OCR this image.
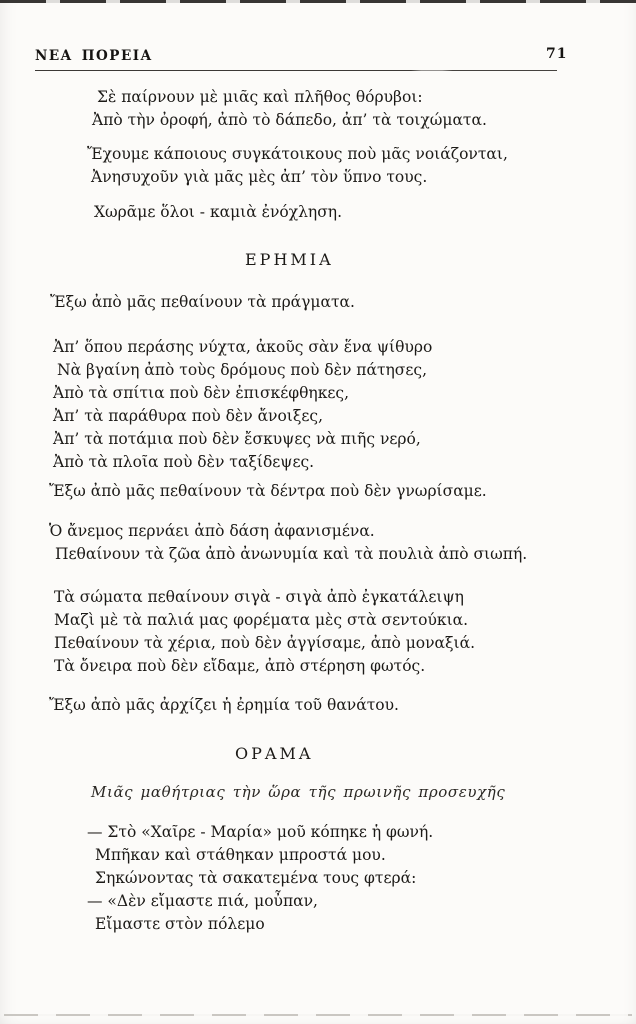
ΝΕΑ ΠΟΡΕΙΑ	71
Σὲ παίρνουν μὲ μιᾶς καὶ πλῆθος θόρυβοι:
Ἀπὸ τὴν ὀροφή, ἀπὸ τὸ δάπεδο, ἀπ’ τὰ τοιχώματα.
Ἔχουμε κάποιους συγκάτοικους ποὺ μᾶς νοιάζονται,
Ἀνησυχοῦν γιὰ μᾶς μὲς ἀπ’ τὸν ὕπνο τους.
Χωρᾶμε ὅλοι - καμιὰ ἐνόχληση.
ΕΡΗΜΙΑ
Ἔξω ἀπὸ μᾶς πεθαίνουν τὰ πράγματα.
Ἀπ’ ὅπου περάσης νύχτα, ἀκοῦς σὰν ἕνα ψίθυρο
Νὰ βγαίνη ἀπὸ τοὺς δρόμους ποὺ δὲν πάτησες,
Ἀπὸ τὰ σπίτια ποὺ δὲν ἐπισκέφθηκες,
Ἀπ’ τὰ παράθυρα ποὺ δὲν ἄνοιξες,
Ἀπ’ τὰ ποτάμια ποὺ δὲν ἔσκυψες νὰ πιῆς νερό,
Ἀπὸ τὰ πλοῖα ποὺ δὲν ταξίδεψες.
Ἔξω ἀπὸ μᾶς πεθαίνουν τὰ δέντρα ποὺ δὲν γνωρίσαμε.
Ὁ ἄνεμος περνάει ἀπὸ δάση ἀφανισμένα.
Πεθαίνουν τὰ ζῶα ἀπὸ ἀνωνυμία καὶ τὰ πουλιὰ ἀπὸ σιωπή.
Τὰ σώματα πεθαίνουν σιγὰ - σιγὰ ἀπὸ ἐγκατάλειψη
Μαζὶ μὲ τὰ παλιά μας φορέματα μὲς στὰ σεντούκια.
Πεθαίνουν τὰ χέρια, ποὺ δὲν ἀγγίσαμε, ἀπὸ μοναξιά.
Τὰ ὄνειρα ποὺ δὲν εἴδαμε, ἀπὸ στέρηση φωτός.
Ἔξω ἀπὸ μᾶς ἀρχίζει ἡ ἐρημία τοῦ θανάτου.
ΟΡΑΜΑ
Μιᾶς μαθήτριας τὴν ὥρα τῆς πρωινῆς προσευχῆς
— Στὸ «Χαῖρε - Μαρία» μοῦ κόπηκε ἡ φωνή.
Μπῆκαν καὶ στάθηκαν μπροστά μου.
Σηκώνοντας τὰ σακατεμένα τους φτερά:
— «Δὲν εἴμαστε πιά, μοὖπαν,
Εἴμαστε στὸν πόλεμο
